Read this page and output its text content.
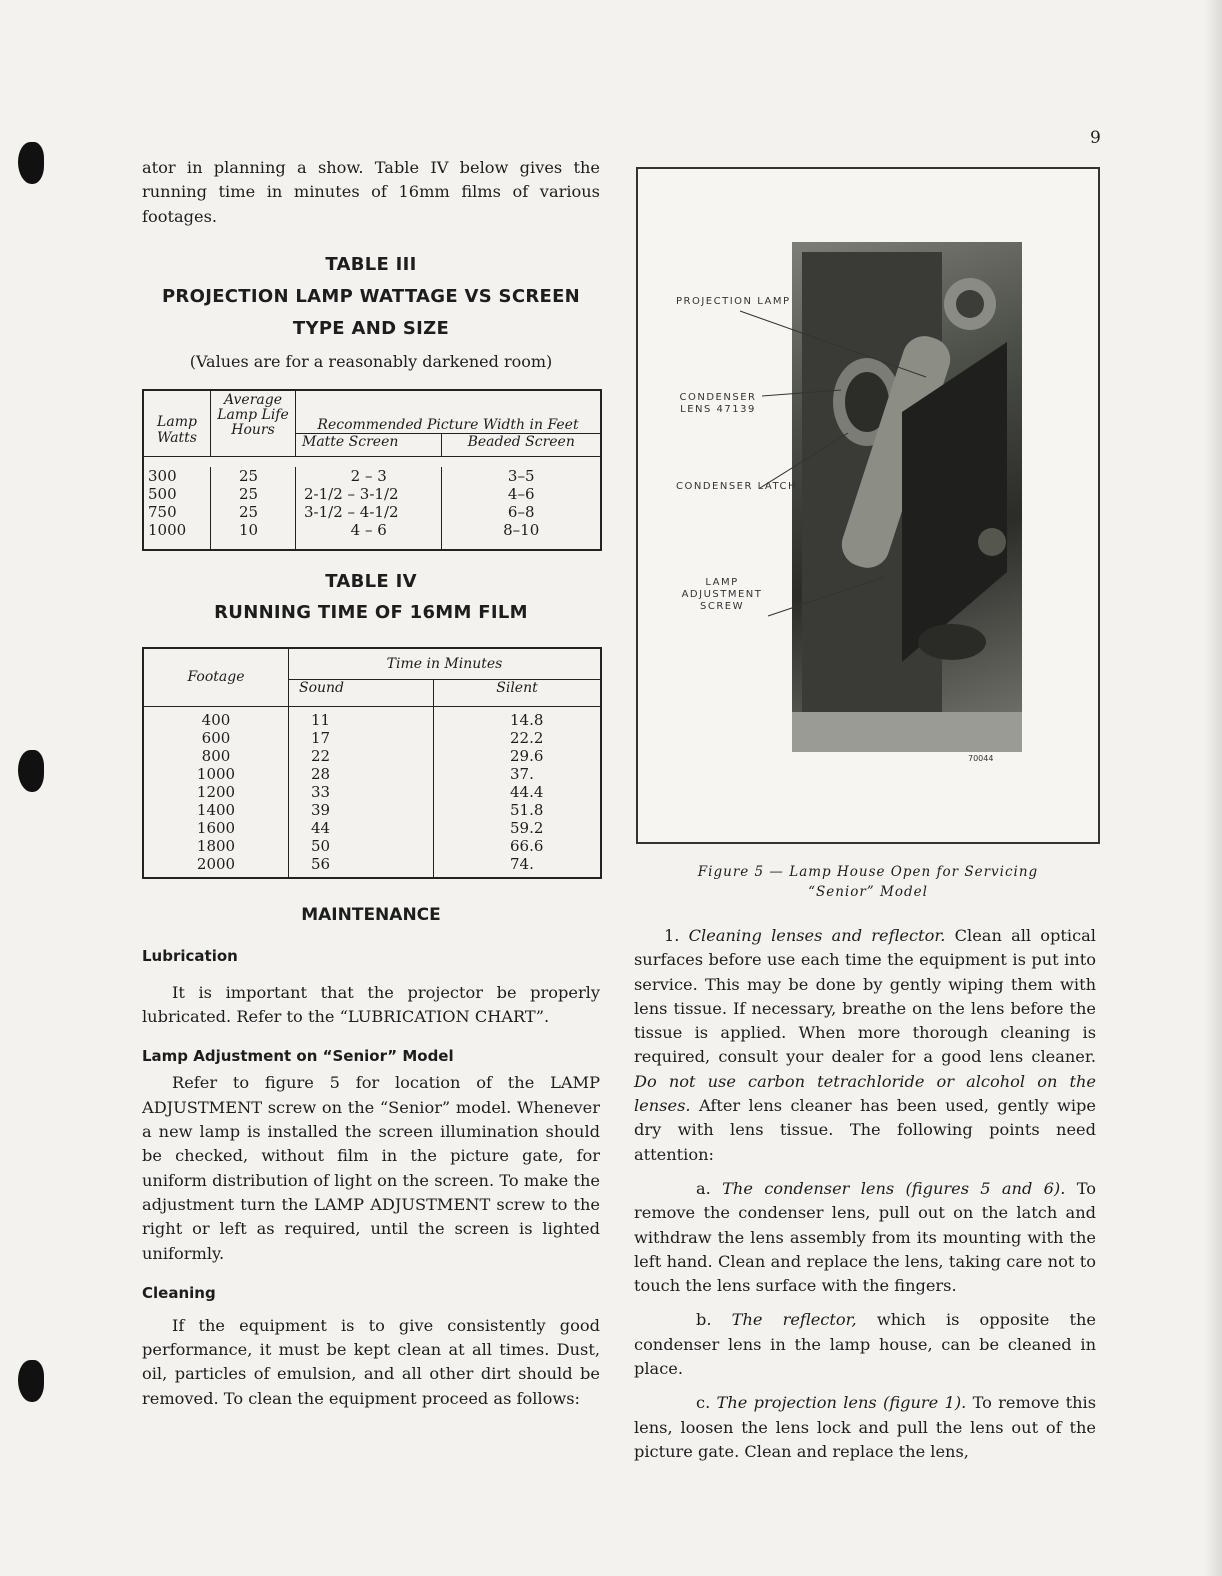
9

ator in planning a show. Table IV below gives the running time in minutes of 16mm films of various footages.

TABLE III

PROJECTION LAMP WATTAGE VS SCREEN

TYPE AND SIZE

(Values are for a reasonably darkened room)

Lamp Watts	Average Lamp Life Hours	Recommended Picture Width in Feet	
		Matte Screen	Beaded Screen

300	25	2 – 3	3–5
500	25	2-1/2 – 3-1/2	4–6
750	25	3-1/2 – 4-1/2	6–8
1000	10	4 – 6	8–10

TABLE IV

RUNNING TIME OF 16MM FILM

Footage	Time in Minutes	
	Sound	Silent
400	11	14.8
600	17	22.2
800	22	29.6
1000	28	37.
1200	33	44.4
1400	39	51.8
1600	44	59.2
1800	50	66.6
2000	56	74.

MAINTENANCE

Lubrication

It is important that the projector be properly lubricated. Refer to the “LUBRICATION CHART”.

Lamp Adjustment on “Senior” Model

Refer to figure 5 for location of the LAMP ADJUSTMENT screw on the “Senior” model. Whenever a new lamp is installed the screen illumination should be checked, without film in the picture gate, for uniform distribution of light on the screen. To make the adjustment turn the LAMP ADJUSTMENT screw to the right or left as required, until the screen is lighted uniformly.

Cleaning

If the equipment is to give consistently good performance, it must be kept clean at all times. Dust, oil, particles of emulsion, and all other dirt should be removed. To clean the equipment proceed as follows:

PROJECTION LAMP
CONDENSER LENS 47139
CONDENSER LATCH
LAMP ADJUSTMENT SCREW
70044
Figure 5 — Lamp House Open for Servicing
“Senior” Model

1. Cleaning lenses and reflector. Clean all optical surfaces before use each time the equipment is put into service. This may be done by gently wiping them with lens tissue. If necessary, breathe on the lens before the tissue is applied. When more thorough cleaning is required, consult your dealer for a good lens cleaner. Do not use carbon tetrachloride or alcohol on the lenses. After lens cleaner has been used, gently wipe dry with lens tissue. The following points need attention:

a. The condenser lens (figures 5 and 6). To remove the condenser lens, pull out on the latch and withdraw the lens assembly from its mounting with the left hand. Clean and replace the lens, taking care not to touch the lens surface with the fingers.

b. The reflector, which is opposite the condenser lens in the lamp house, can be cleaned in place.

c. The projection lens (figure 1). To remove this lens, loosen the lens lock and pull the lens out of the picture gate. Clean and replace the lens,
